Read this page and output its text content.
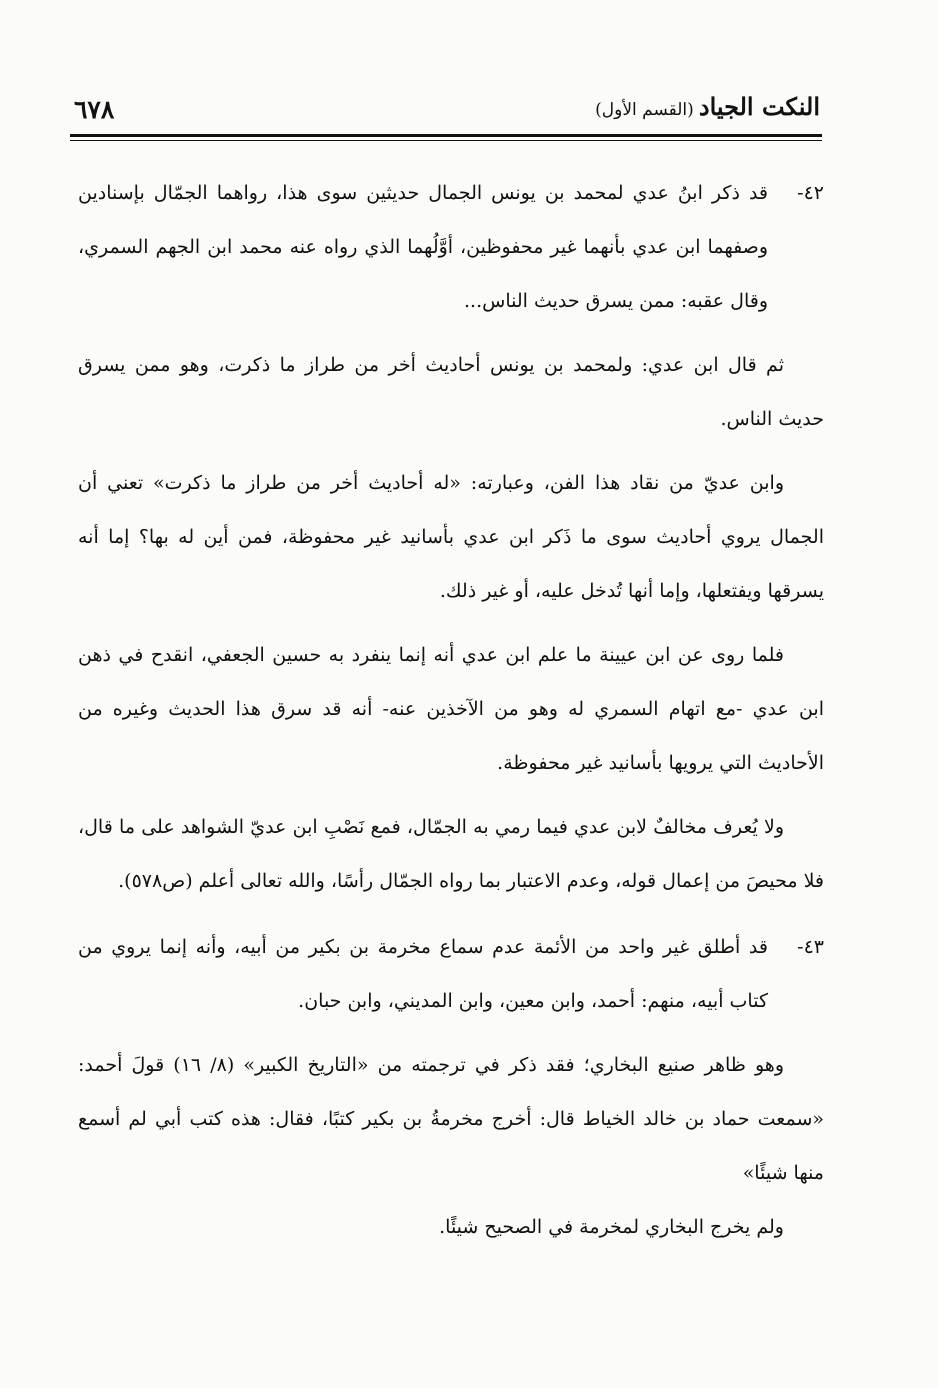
النكت الجياد (القسم الأول)
٦٧٨

٤٢-
قد ذكر ابنُ عدي لمحمد بن يونس الجمال حديثين سوى هذا، رواهما الجمّال بإسنادين وصفهما ابن عدي بأنهما غير محفوظين، أوَّلُهما الذي رواه عنه محمد ابن الجهم السمري، وقال عقبه: ممن يسرق حديث الناس...

ثم قال ابن عدي: ولمحمد بن يونس أحاديث أخر من طراز ما ذكرت، وهو ممن يسرق حديث الناس.

وابن عديّ من نقاد هذا الفن، وعبارته: «له أحاديث أخر من طراز ما ذكرت» تعني أن الجمال يروي أحاديث سوى ما ذَكر ابن عدي بأسانيد غير محفوظة، فمن أين له بها؟ إما أنه يسرقها ويفتعلها، وإما أنها تُدخل عليه، أو غير ذلك.

فلما روى عن ابن عيينة ما علم ابن عدي أنه إنما ينفرد به حسين الجعفي، انقدح في ذهن ابن عدي -مع اتهام السمري له وهو من الآخذين عنه- أنه قد سرق هذا الحديث وغيره من الأحاديث التي يرويها بأسانيد غير محفوظة.

ولا يُعرف مخالفٌ لابن عدي فيما رمي به الجمّال، فمع نَصْبِ ابن عديّ الشواهد على ما قال، فلا محيصَ من إعمال قوله، وعدم الاعتبار بما رواه الجمّال رأسًا، والله تعالى أعلم (ص٥٧٨).

٤٣-
قد أطلق غير واحد من الأئمة عدم سماع مخرمة بن بكير من أبيه، وأنه إنما يروي من كتاب أبيه، منهم: أحمد، وابن معين، وابن المديني، وابن حبان.

وهو ظاهر صنيع البخاري؛ فقد ذكر في ترجمته من «التاريخ الكبير» (٨/ ١٦) قولَ أحمد: «سمعت حماد بن خالد الخياط قال: أخرج مخرمةُ بن بكير كتبًا، فقال: هذه كتب أبي لم أسمع منها شيئًا»

ولم يخرج البخاري لمخرمة في الصحيح شيئًا.
